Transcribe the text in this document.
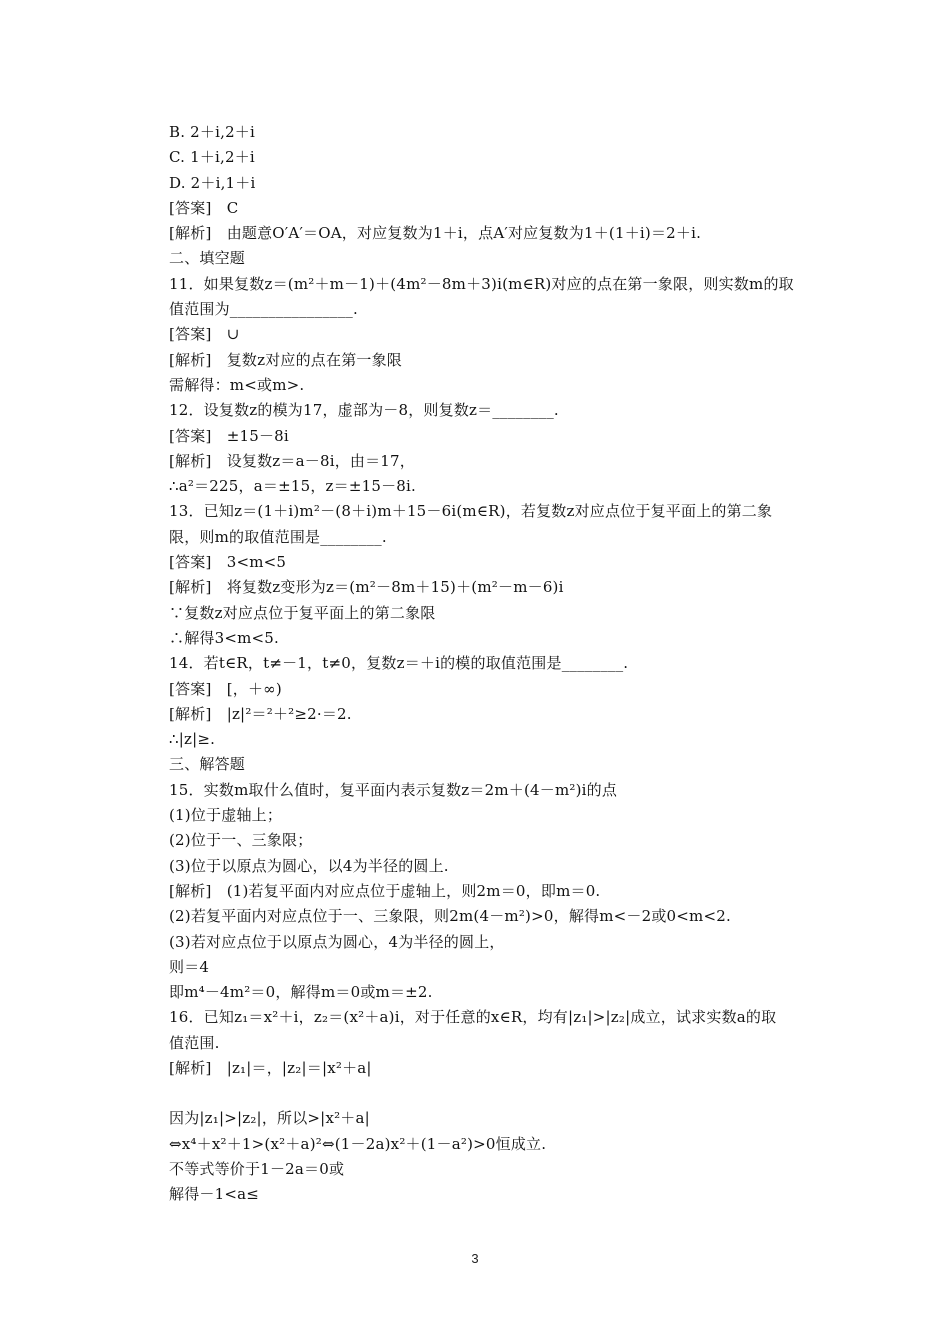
B. 2＋i,2＋i
C. 1＋i,2＋i
D. 2＋i,1＋i
[答案]　C
[解析]　由题意O′A′＝OA，对应复数为1＋i，点A′对应复数为1＋(1＋i)＝2＋i.
二、填空题
11．如果复数z＝(m²＋m－1)＋(4m²－8m＋3)i(m∈R)对应的点在第一象限，则实数m的取
值范围为________________.
[答案]　∪
[解析]　复数z对应的点在第一象限
需解得：m<或m>.
12．设复数z的模为17，虚部为－8，则复数z＝________.
[答案]　±15－8i
[解析]　设复数z＝a－8i，由＝17，
∴a²＝225，a＝±15，z＝±15－8i.
13．已知z＝(1＋i)m²－(8＋i)m＋15－6i(m∈R)，若复数z对应点位于复平面上的第二象
限，则m的取值范围是________.
[答案]　3<m<5
[解析]　将复数z变形为z＝(m²－8m＋15)＋(m²－m－6)i
∵复数z对应点位于复平面上的第二象限
∴解得3<m<5.
14．若t∈R，t≠－1，t≠0，复数z＝＋i的模的取值范围是________.
[答案]　[，＋∞)
[解析]　|z|²＝²＋²≥2·＝2.
∴|z|≥.
三、解答题
15．实数m取什么值时，复平面内表示复数z＝2m＋(4－m²)i的点
(1)位于虚轴上；
(2)位于一、三象限；
(3)位于以原点为圆心，以4为半径的圆上.
[解析]　(1)若复平面内对应点位于虚轴上，则2m＝0，即m＝0.
(2)若复平面内对应点位于一、三象限，则2m(4－m²)>0，解得m<－2或0<m<2.
(3)若对应点位于以原点为圆心，4为半径的圆上，
则＝4
即m⁴－4m²＝0，解得m＝0或m＝±2.
16．已知z₁＝x²＋i，z₂＝(x²＋a)i，对于任意的x∈R，均有|z₁|>|z₂|成立，试求实数a的取
值范围.
[解析]　|z₁|＝，|z₂|＝|x²＋a|
因为|z₁|>|z₂|，所以>|x²＋a|
⇔x⁴＋x²＋1>(x²＋a)²⇔(1－2a)x²＋(1－a²)>0恒成立.
不等式等价于1－2a＝0或
解得－1<a≤
3
